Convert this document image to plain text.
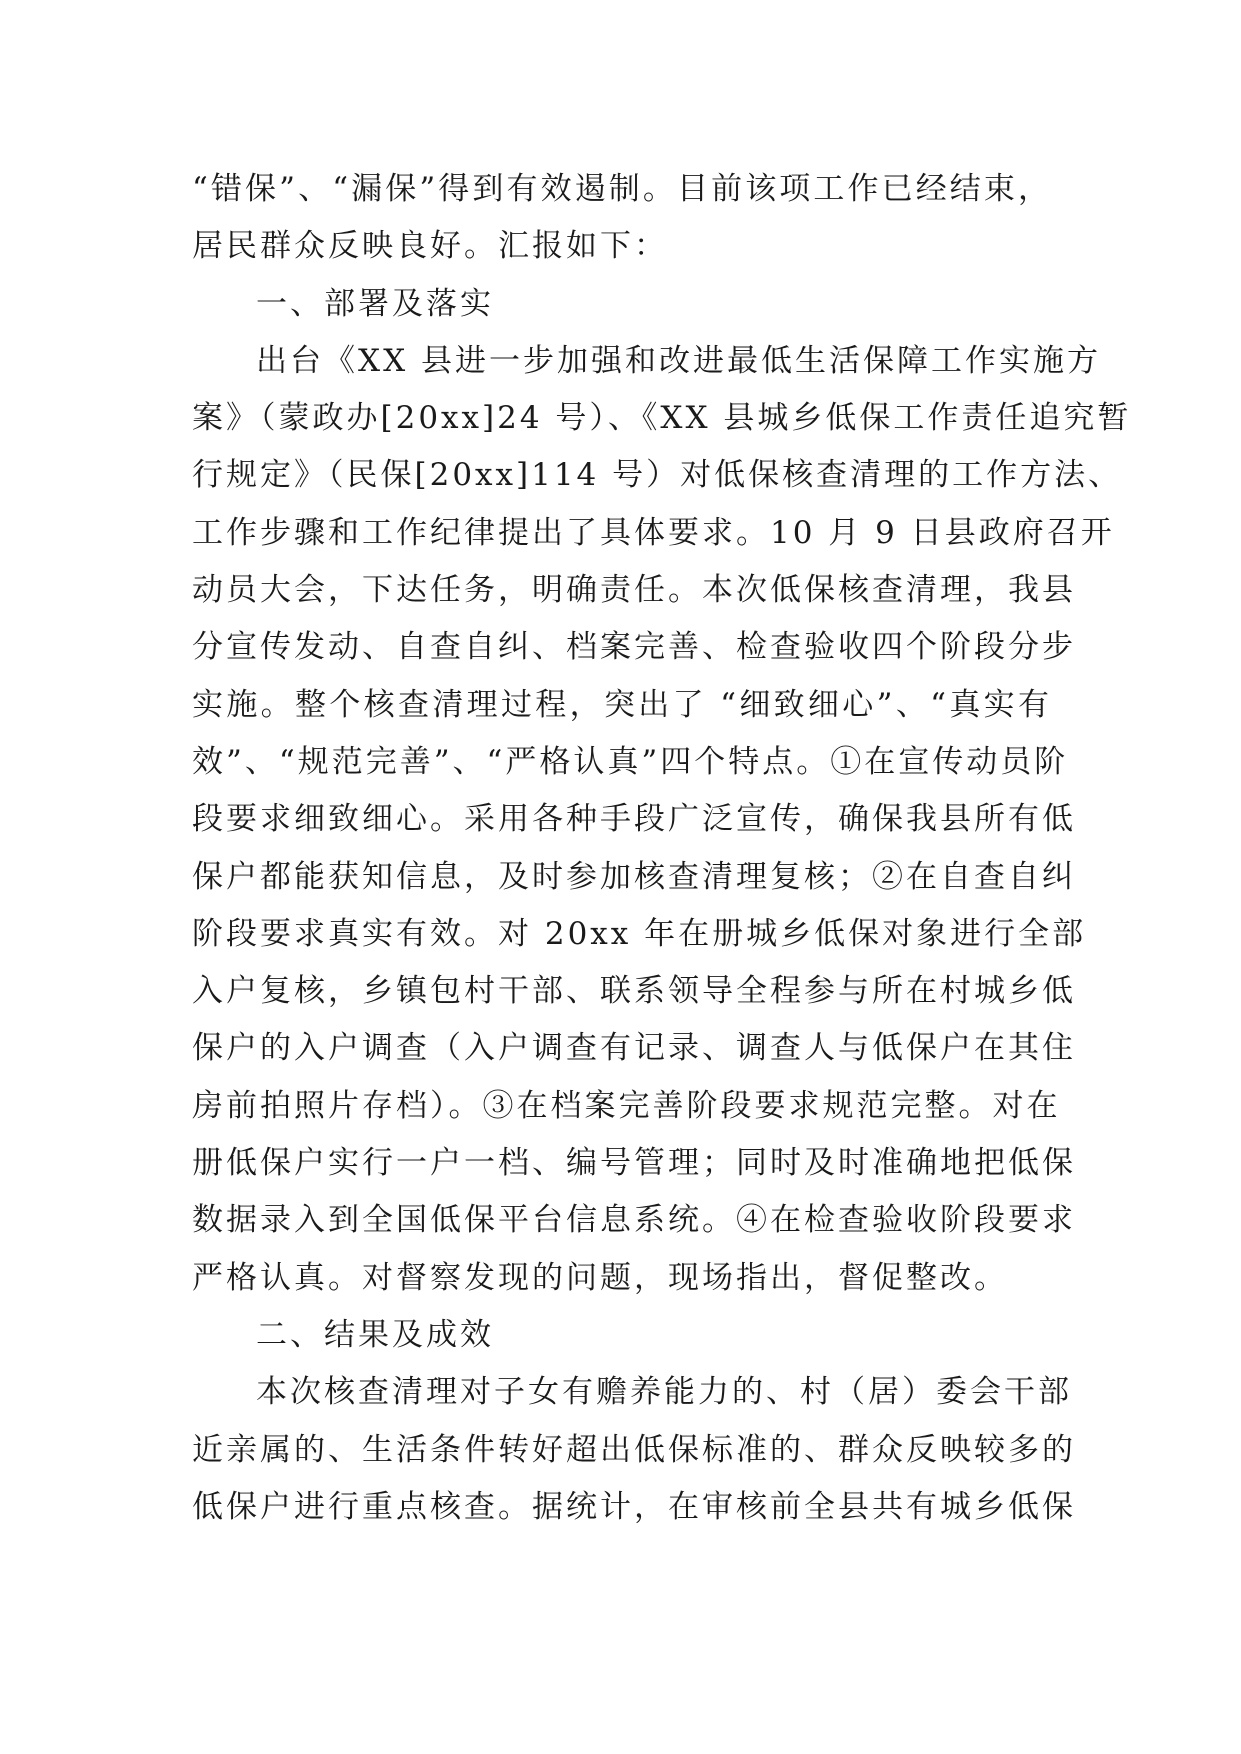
“错保”、“漏保”得到有效遏制。目前该项工作已经结束，
居民群众反映良好。汇报如下：
一、部署及落实
出台《XX 县进一步加强和改进最低生活保障工作实施方
案》（蒙政办[20xx]24 号）、《XX 县城乡低保工作责任追究暂
行规定》（民保[20xx]114 号）对低保核查清理的工作方法、
工作步骤和工作纪律提出了具体要求。10 月 9 日县政府召开
动员大会，下达任务，明确责任。本次低保核查清理，我县
分宣传发动、自查自纠、档案完善、检查验收四个阶段分步
实施。整个核查清理过程，突出了 “细致细心”、“真实有
效”、“规范完善”、“严格认真”四个特点。①在宣传动员阶
段要求细致细心。采用各种手段广泛宣传，确保我县所有低
保户都能获知信息，及时参加核查清理复核；②在自查自纠
阶段要求真实有效。对 20xx 年在册城乡低保对象进行全部
入户复核，乡镇包村干部、联系领导全程参与所在村城乡低
保户的入户调查（入户调查有记录、调查人与低保户在其住
房前拍照片存档）。③在档案完善阶段要求规范完整。对在
册低保户实行一户一档、编号管理；同时及时准确地把低保
数据录入到全国低保平台信息系统。④在检查验收阶段要求
严格认真。对督察发现的问题，现场指出，督促整改。
二、结果及成效
本次核查清理对子女有赡养能力的、村（居）委会干部
近亲属的、生活条件转好超出低保标准的、群众反映较多的
低保户进行重点核查。据统计，在审核前全县共有城乡低保
